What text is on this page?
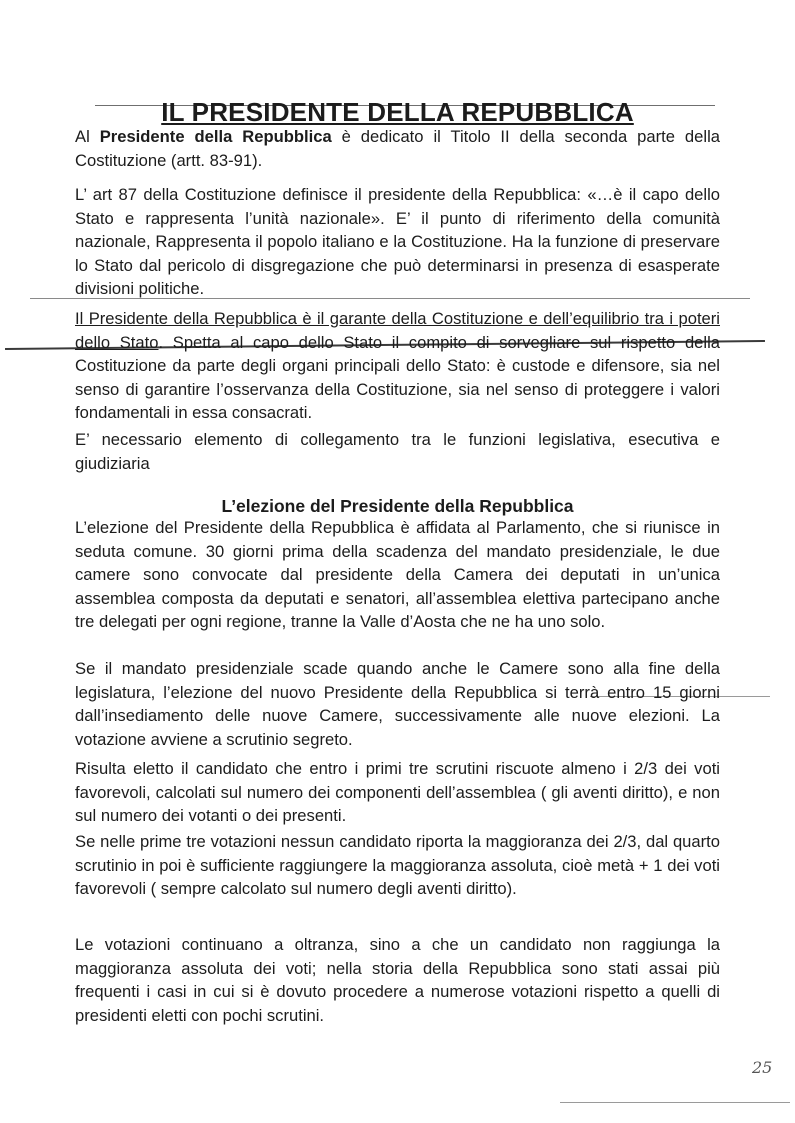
IL PRESIDENTE DELLA REPUBBLICA

Al Presidente della Repubblica è dedicato il Titolo II della seconda parte della Costituzione (artt. 83-91).

L’ art 87 della Costituzione definisce il presidente della Repubblica: «…è il capo dello Stato e rappresenta l’unità nazionale». E’ il punto di riferimento della comunità nazionale, Rappresenta il popolo italiano e la Costituzione. Ha la funzione di preservare lo Stato dal pericolo di disgregazione che può determinarsi in presenza di esasperate divisioni politiche.

Il Presidente della Repubblica è il garante della Costituzione e dell’equilibrio tra i poteri dello Stato. Spetta al capo dello Stato il compito di sorvegliare sul rispetto della Costituzione da parte degli organi principali dello Stato: è custode e difensore, sia nel senso di garantire l’osservanza della Costituzione, sia nel senso di proteggere i valori fondamentali in essa consacrati.

E’ necessario elemento di collegamento tra le funzioni legislativa, esecutiva e giudiziaria

L’elezione del Presidente della Repubblica

L’elezione del Presidente della Repubblica è affidata al Parlamento, che si riunisce in seduta comune. 30 giorni prima della scadenza del mandato presidenziale, le due camere sono convocate dal presidente della Camera dei deputati in un’unica assemblea composta da deputati e senatori, all’assemblea elettiva partecipano anche tre delegati per ogni regione, tranne la Valle d’Aosta che ne ha uno solo.

Se il mandato presidenziale scade quando anche le Camere sono alla fine della legislatura, l’elezione del nuovo Presidente della Repubblica si terrà entro 15 giorni dall’insediamento delle nuove Camere, successivamente alle nuove elezioni. La votazione avviene a scrutinio segreto.

Risulta eletto il candidato che entro i primi tre scrutini riscuote almeno i 2/3 dei voti favorevoli, calcolati sul numero dei componenti dell’assemblea ( gli aventi diritto), e non sul numero dei votanti o dei presenti.

Se nelle prime tre votazioni nessun candidato riporta la maggioranza dei 2/3, dal quarto scrutinio in poi è sufficiente raggiungere la maggioranza assoluta, cioè metà + 1 dei voti favorevoli ( sempre calcolato sul numero degli aventi diritto).

Le votazioni continuano a oltranza, sino a che un candidato non raggiunga la maggioranza assoluta dei voti; nella storia della Repubblica sono stati assai più frequenti i casi in cui si è dovuto procedere a numerose votazioni rispetto a quelli di presidenti eletti con pochi scrutini.

25
